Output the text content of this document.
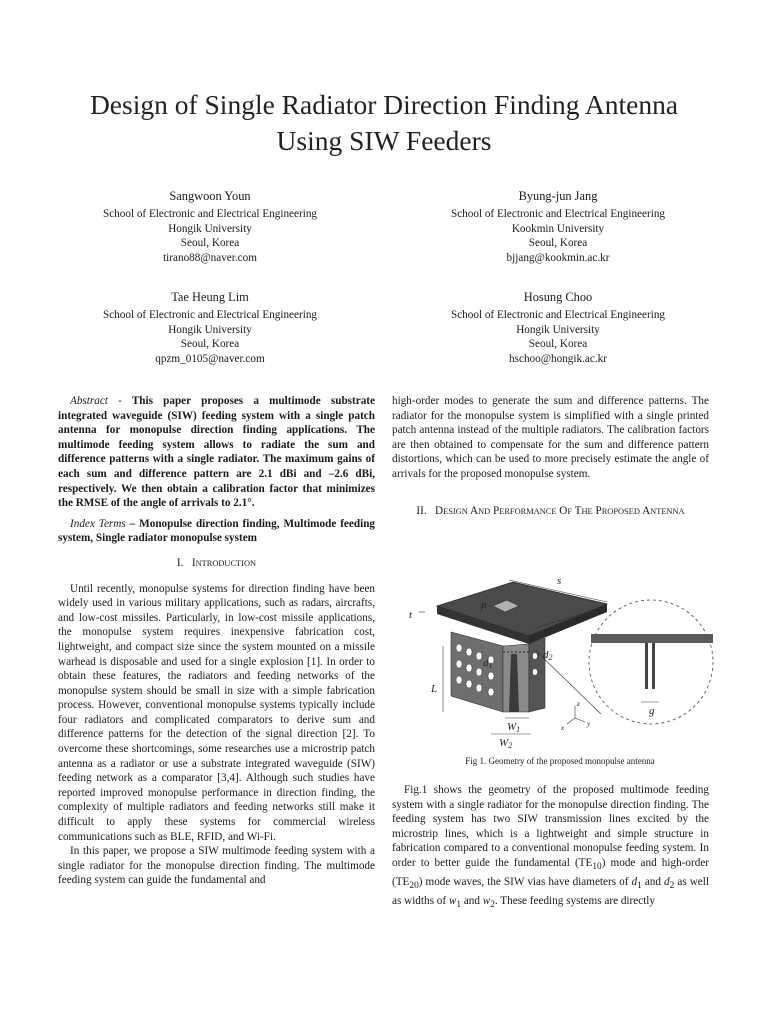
Design of Single Radiator Direction Finding Antenna
Using SIW Feeders
Sangwoon Youn
School of Electronic and Electrical Engineering
Hongik University
Seoul, Korea
tirano88@naver.com
Byung-jun Jang
School of Electronic and Electrical Engineering
Kookmin University
Seoul, Korea
bjjang@kookmin.ac.kr
Tae Heung Lim
School of Electronic and Electrical Engineering
Hongik University
Seoul, Korea
qpzm_0105@naver.com
Hosung Choo
School of Electronic and Electrical Engineering
Hongik University
Seoul, Korea
hschoo@hongik.ac.kr

Abstract - This paper proposes a multimode substrate integrated waveguide (SIW) feeding system with a single patch antenna for monopulse direction finding applications. The multimode feeding system allows to radiate the sum and difference patterns with a single radiator. The maximum gains of each sum and difference pattern are 2.1 dBi and –2.6 dBi, respectively. We then obtain a calibration factor that minimizes the RMSE of the angle of arrivals to 2.1°.

Index Terms – Monopulse direction finding, Multimode feeding system, Single radiator monopulse system

I. INTRODUCTION

Until recently, monopulse systems for direction finding have been widely used in various military applications, such as radars, aircrafts, and low-cost missiles. Particularly, in low-cost missile applications, the monopulse system requires inexpensive fabrication cost, lightweight, and compact size since the system mounted on a missile warhead is disposable and used for a single explosion [1]. In order to obtain these features, the radiators and feeding networks of the monopulse system should be small in size with a simple fabrication process. However, conventional monopulse systems typically include four radiators and complicated comparators to derive sum and difference patterns for the detection of the signal direction [2]. To overcome these shortcomings, some researches use a microstrip patch antenna as a radiator or use a substrate integrated waveguide (SIW) feeding network as a comparator [3,4]. Although such studies have reported improved monopulse performance in direction finding, the complexity of multiple radiators and feeding networks still make it difficult to apply these systems for commercial wireless communications such as BLE, RFID, and Wi-Fi.

In this paper, we propose a SIW multimode feeding system with a single radiator for the monopulse direction finding. The multimode feeding system can guide the fundamental and

high-order modes to generate the sum and difference patterns. The radiator for the monopulse system is simplified with a single printed patch antenna instead of the multiple radiators. The calibration factors are then obtained to compensate for the sum and difference pattern distortions, which can be used to more precisely estimate the angle of arrivals for the proposed monopulse system.

II. DESIGN AND PERFORMANCE OF THE PROPOSED ANTENNA

s
p
t
d1
d2
L
W1
W2
g
z
x	y
Fig 1. Geometry of the proposed monopulse antenna

Fig.1 shows the geometry of the proposed multimode feeding system with a single radiator for the monopulse direction finding. The feeding system has two SIW transmission lines excited by the microstrip lines, which is a lightweight and simple structure in fabrication compared to a conventional monopulse feeding system. In order to better guide the fundamental $(TE_{10})$ mode and high-order $(TE_{20})$ mode waves, the SIW vias have diameters of $d_1$ and $d_2$ as well as widths of $w_1$ and $w_2$. These feeding systems are directly
